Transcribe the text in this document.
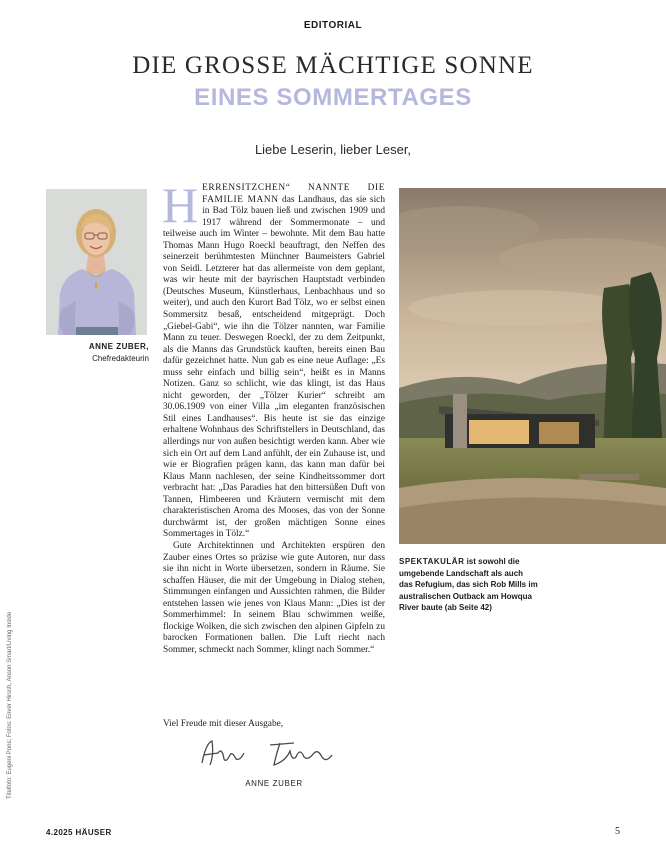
EDITORIAL
DIE GROSSE MÄCHTIGE SONNE
EINES SOMMERTAGES
Liebe Leserin, lieber Leser,
ANNE ZUBER,
Chefredakteurin

HERRENSITZCHEN“ NANNTE DIE FAMILIE MANN das Landhaus, das sie sich in Bad Tölz bauen ließ und zwischen 1909 und 1917 während der Sommermonate – und teilweise auch im Winter – bewohnte. Mit dem Bau hatte Thomas Mann Hugo Roeckl beauftragt, den Neffen des seinerzeit berühmtesten Münchner Baumeisters Gabriel von Seidl. Letzterer hat das allermeiste von dem geplant, was wir heute mit der bayrischen Hauptstadt verbinden (Deutsches Museum, Künstlerhaus, Lenbachhaus und so weiter), und auch den Kurort Bad Tölz, wo er selbst einen Sommersitz besaß, entscheidend mitgeprägt. Doch „Giebel-Gabi“, wie ihn die Tölzer nannten, war Familie Mann zu teuer. Deswegen Roeckl, der zu dem Zeitpunkt, als die Manns das Grundstück kauften, bereits einen Bau dafür gezeichnet hatte. Nun gab es eine neue Auflage: „Es muss sehr einfach und billig sein“, heißt es in Manns Notizen. Ganz so schlicht, wie das klingt, ist das Haus nicht geworden, der „Tölzer Kurier“ schreibt am 30.06.1909 von einer Villa „im eleganten französischen Stil eines Landhauses“. Bis heute ist sie das einzige erhaltene Wohnhaus des Schriftstellers in Deutschland, das allerdings nur von außen besichtigt werden kann. Aber wie sich ein Ort auf dem Land anfühlt, der ein Zuhause ist, und wie er Biografien prägen kann, das kann man dafür bei Klaus Mann nachlesen, der seine Kindheitssommer dort verbracht hat: „Das Paradies hat den bittersüßen Duft von Tannen, Himbeeren und Kräutern vermischt mit dem charakteristischen Aroma des Mooses, das von der Sonne durchwärmt ist, der großen mächtigen Sonne eines Sommertages in Tölz.“

Gute Architektinnen und Architekten erspüren den Zauber eines Ortes so präzise wie gute Autoren, nur dass sie ihn nicht in Worte übersetzen, sondern in Räume. Sie schaffen Häuser, die mit der Umgebung in Dialog stehen, Stimmungen einfangen und Aussichten rahmen, die Bilder entstehen lassen wie jenes von Klaus Mann: „Dies ist der Sommerhimmel: In seinem Blau schwimmen weiße, flockige Wolken, die sich zwischen den alpinen Gipfeln zu barocken Formationen ballen. Die Luft riecht nach Sommer, schmeckt nach Sommer, klingt nach Sommer.“

Viel Freude mit dieser Ausgabe,
ANNE ZUBER
SPEKTAKULÄR ist sowohl die umgebende Landschaft als auch das Refugium, das sich Rob Mills im australischen Outback am Howqua River baute (ab Seite 42)
Titelfoto: Eugeni Pons; Fotos: Enver Hirsch, Anson Smart/Living Inside
4.2025 HÄUSER	5
